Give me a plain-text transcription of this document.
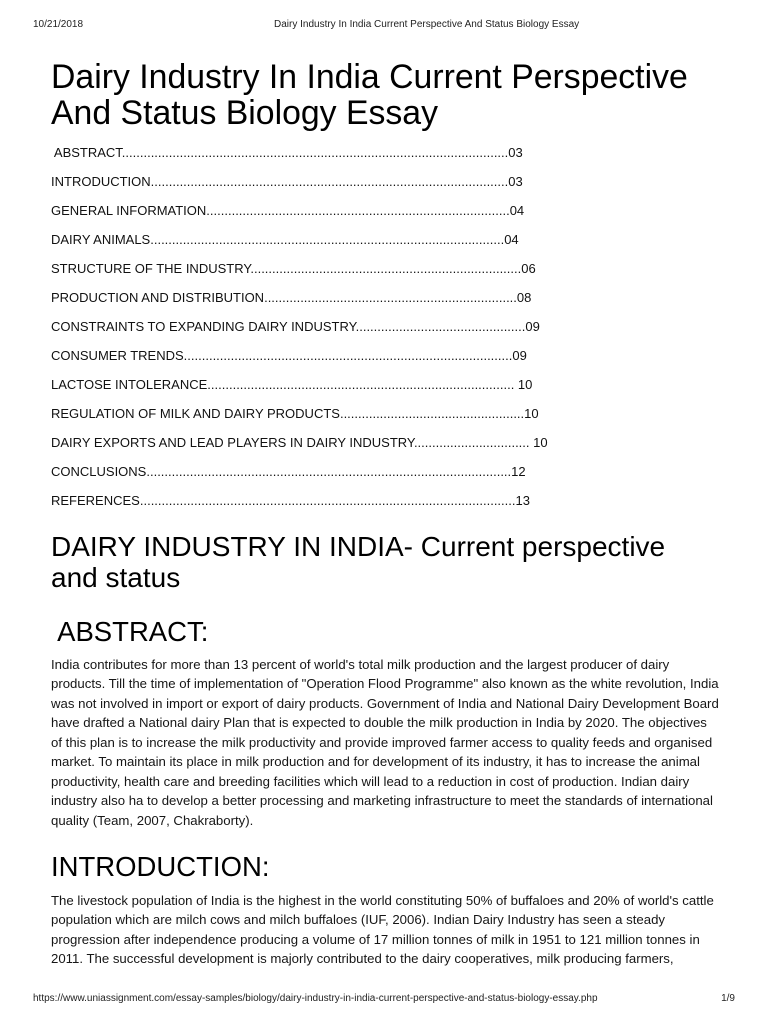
10/21/2018	Dairy Industry In India Current Perspective And Status Biology Essay
Dairy Industry In India Current Perspective
And Status Biology Essay
ABSTRACT...........................................................................................................03
INTRODUCTION...................................................................................................03
GENERAL INFORMATION....................................................................................04
DAIRY ANIMALS..................................................................................................04
STRUCTURE OF THE INDUSTRY...........................................................................06
PRODUCTION AND DISTRIBUTION......................................................................08
CONSTRAINTS TO EXPANDING DAIRY INDUSTRY...............................................09
CONSUMER TRENDS...........................................................................................09
LACTOSE INTOLERANCE..................................................................................... 10
REGULATION OF MILK AND DAIRY PRODUCTS...................................................10
DAIRY EXPORTS AND LEAD PLAYERS IN DAIRY INDUSTRY................................ 10
CONCLUSIONS.....................................................................................................12
REFERENCES........................................................................................................13
DAIRY INDUSTRY IN INDIA- Current perspective
and status
ABSTRACT:
India contributes for more than 13 percent of world's total milk production and the largest producer of dairy
products. Till the time of implementation of "Operation Flood Programme" also known as the white revolution, India
was not involved in import or export of dairy products. Government of India and National Dairy Development Board
have drafted a National dairy Plan that is expected to double the milk production in India by 2020. The objectives
of this plan is to increase the milk productivity and provide improved farmer access to quality feeds and organised
market. To maintain its place in milk production and for development of its industry, it has to increase the animal
productivity, health care and breeding facilities which will lead to a reduction in cost of production. Indian dairy
industry also ha to develop a better processing and marketing infrastructure to meet the standards of international
quality (Team, 2007, Chakraborty).
INTRODUCTION:
The livestock population of India is the highest in the world constituting 50% of buffaloes and 20% of world's cattle
population which are milch cows and milch buffaloes (IUF, 2006). Indian Dairy Industry has seen a steady
progression after independence producing a volume of 17 million tonnes of milk in 1951 to 121 million tonnes in
2011. The successful development is majorly contributed to the dairy cooperatives, milk producing farmers,
https://www.uniassignment.com/essay-samples/biology/dairy-industry-in-india-current-perspective-and-status-biology-essay.php	1/9
